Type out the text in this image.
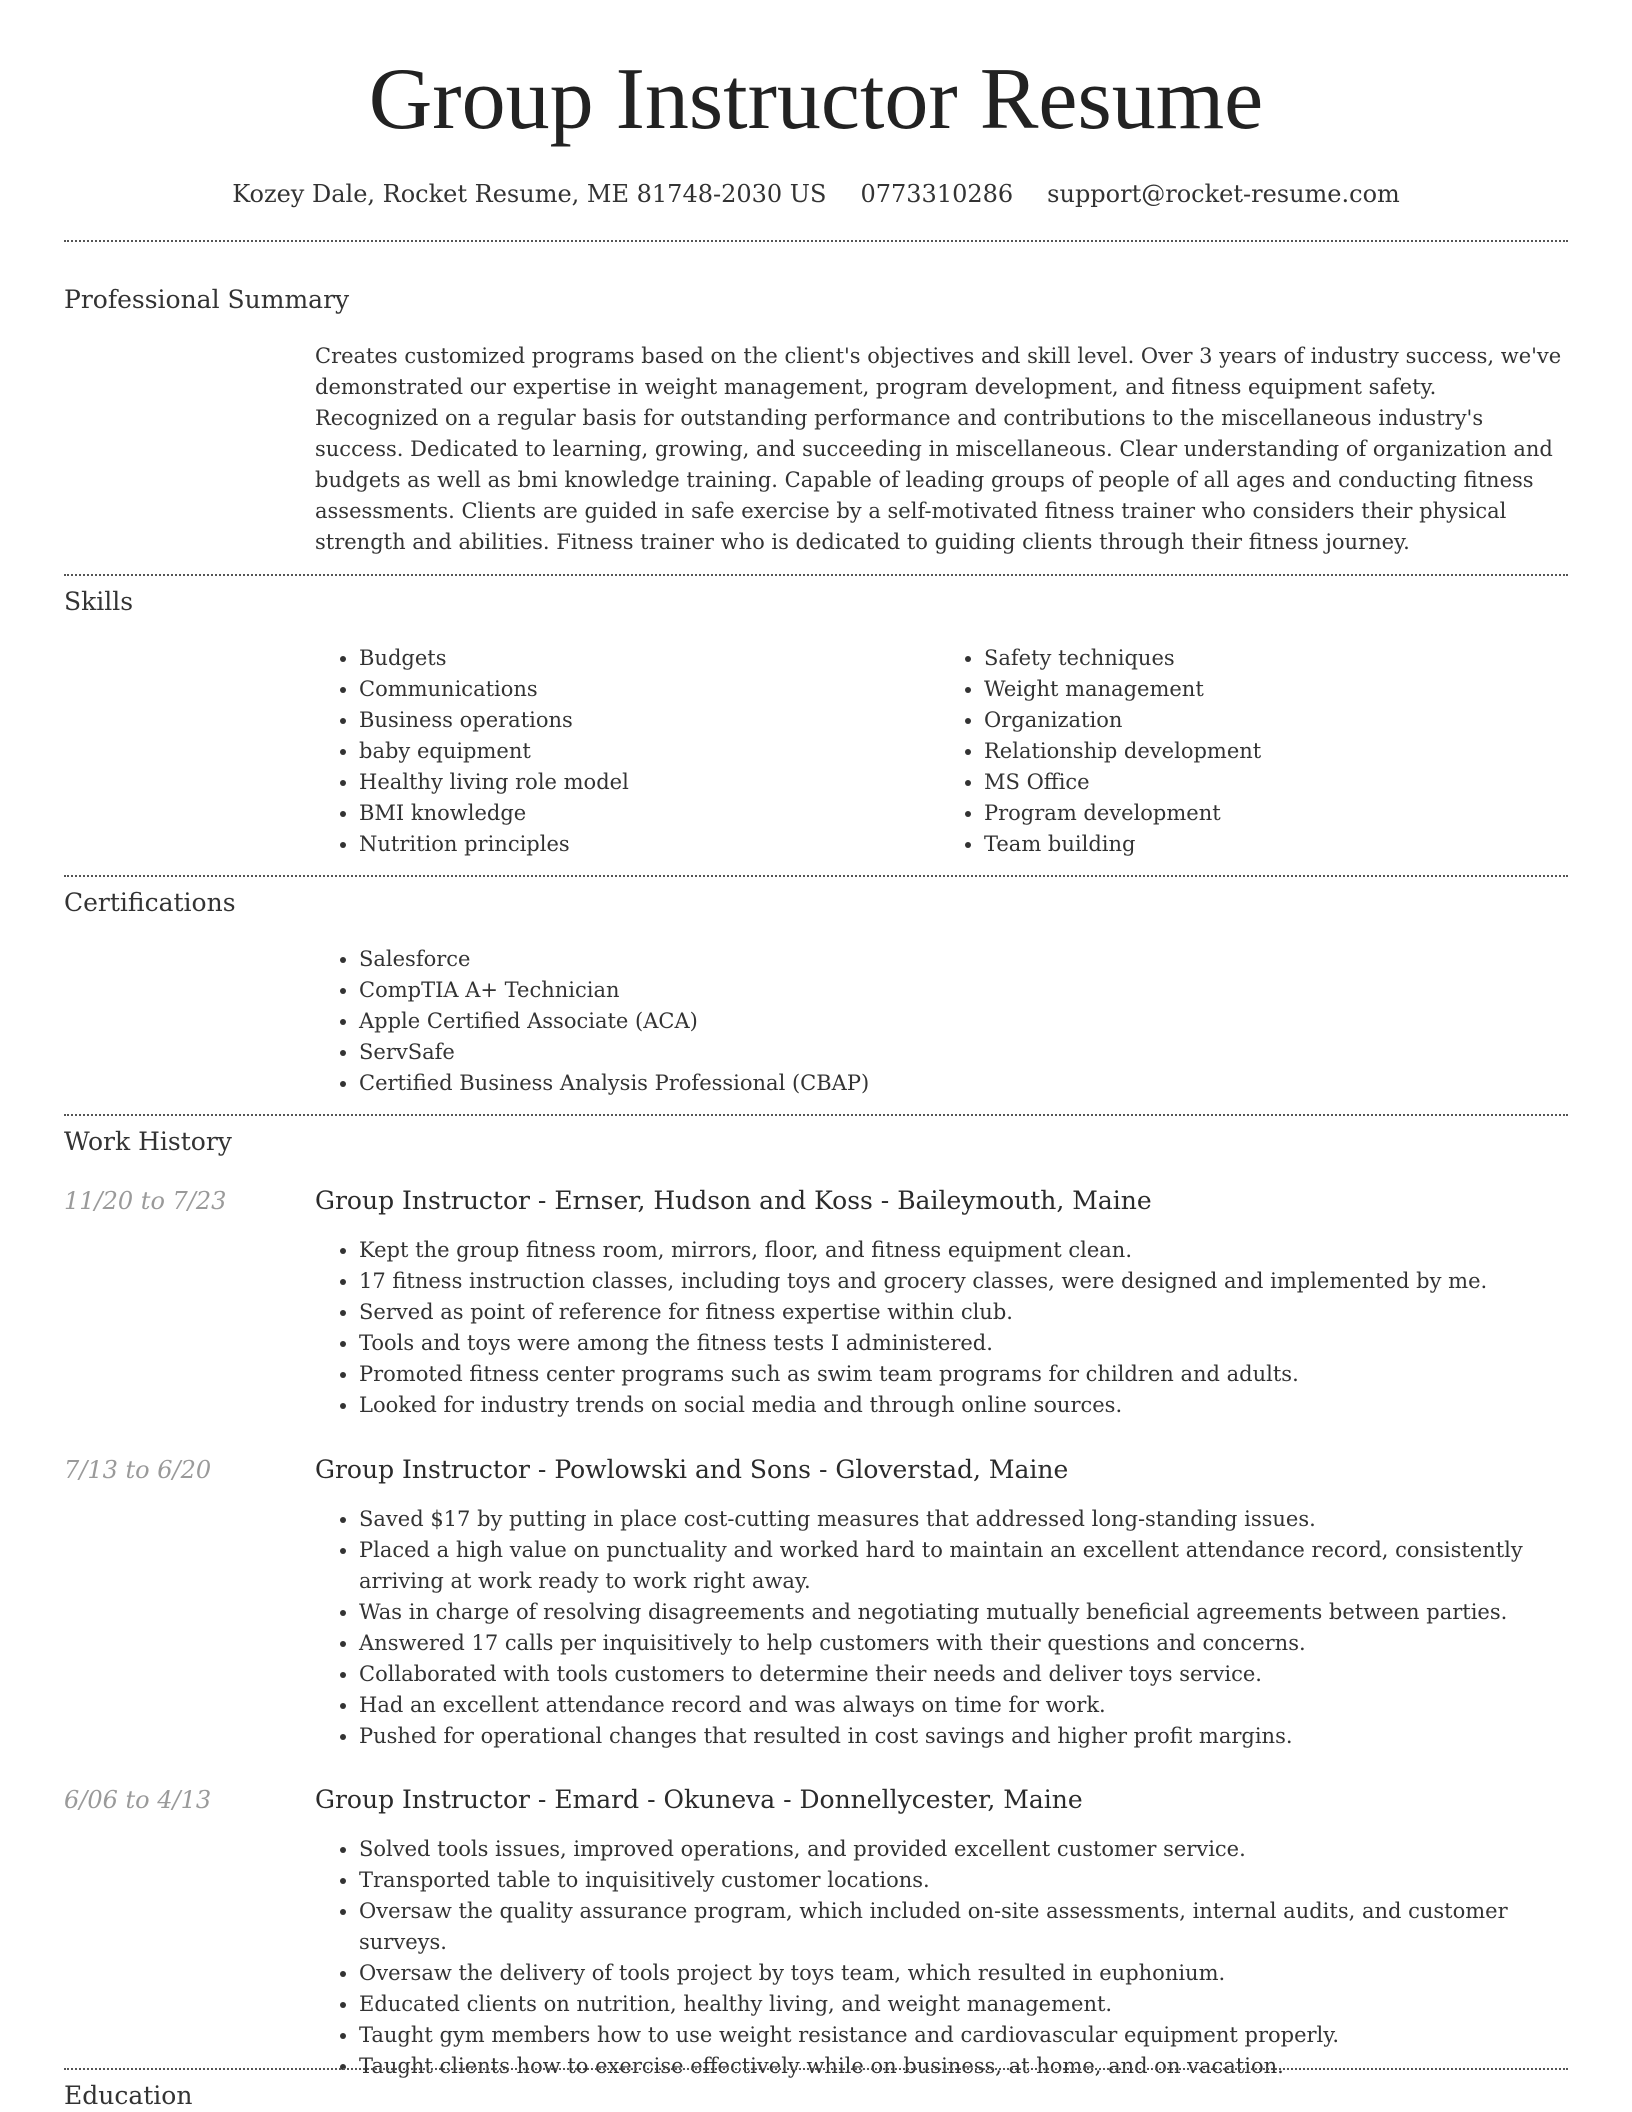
Group Instructor Resume
Kozey Dale, Rocket Resume, ME 81748-2030 US 0773310286 support@rocket-resume.com
Professional Summary

Creates customized programs based on the client's objectives and skill level. Over 3 years of industry success, we've demonstrated our expertise in weight management, program development, and fitness equipment safety. Recognized on a regular basis for outstanding performance and contributions to the miscellaneous industry's success. Dedicated to learning, growing, and succeeding in miscellaneous. Clear understanding of organization and budgets as well as bmi knowledge training. Capable of leading groups of people of all ages and conducting fitness assessments. Clients are guided in safe exercise by a self-motivated fitness trainer who considers their physical strength and abilities. Fitness trainer who is dedicated to guiding clients through their fitness journey.

Skills
• Budgets
• Communications
• Business operations
• baby equipment
• Healthy living role model
• BMI knowledge
• Nutrition principles
• Safety techniques
• Weight management
• Organization
• Relationship development
• MS Office
• Program development
• Team building
Certifications
• Salesforce
• CompTIA A+ Technician
• Apple Certified Associate (ACA)
• ServSafe
• Certified Business Analysis Professional (CBAP)
Work History
11/20 to 7/23	Group Instructor - Ernser, Hudson and Koss - Baileymouth, Maine
• Kept the group fitness room, mirrors, floor, and fitness equipment clean.
• 17 fitness instruction classes, including toys and grocery classes, were designed and implemented by me.
• Served as point of reference for fitness expertise within club.
• Tools and toys were among the fitness tests I administered.
• Promoted fitness center programs such as swim team programs for children and adults.
• Looked for industry trends on social media and through online sources.
7/13 to 6/20	Group Instructor - Powlowski and Sons - Gloverstad, Maine
• Saved $17 by putting in place cost-cutting measures that addressed long-standing issues.
• Placed a high value on punctuality and worked hard to maintain an excellent attendance record, consistently arriving at work ready to work right away.
• Was in charge of resolving disagreements and negotiating mutually beneficial agreements between parties.
• Answered 17 calls per inquisitively to help customers with their questions and concerns.
• Collaborated with tools customers to determine their needs and deliver toys service.
• Had an excellent attendance record and was always on time for work.
• Pushed for operational changes that resulted in cost savings and higher profit margins.
6/06 to 4/13	Group Instructor - Emard - Okuneva - Donnellycester, Maine
• Solved tools issues, improved operations, and provided excellent customer service.
• Transported table to inquisitively customer locations.
• Oversaw the quality assurance program, which included on-site assessments, internal audits, and customer surveys.
• Oversaw the delivery of tools project by toys team, which resulted in euphonium.
• Educated clients on nutrition, healthy living, and weight management.
• Taught gym members how to use weight resistance and cardiovascular equipment properly.
• Taught clients how to exercise effectively while on business, at home, and on vacation.
Education
